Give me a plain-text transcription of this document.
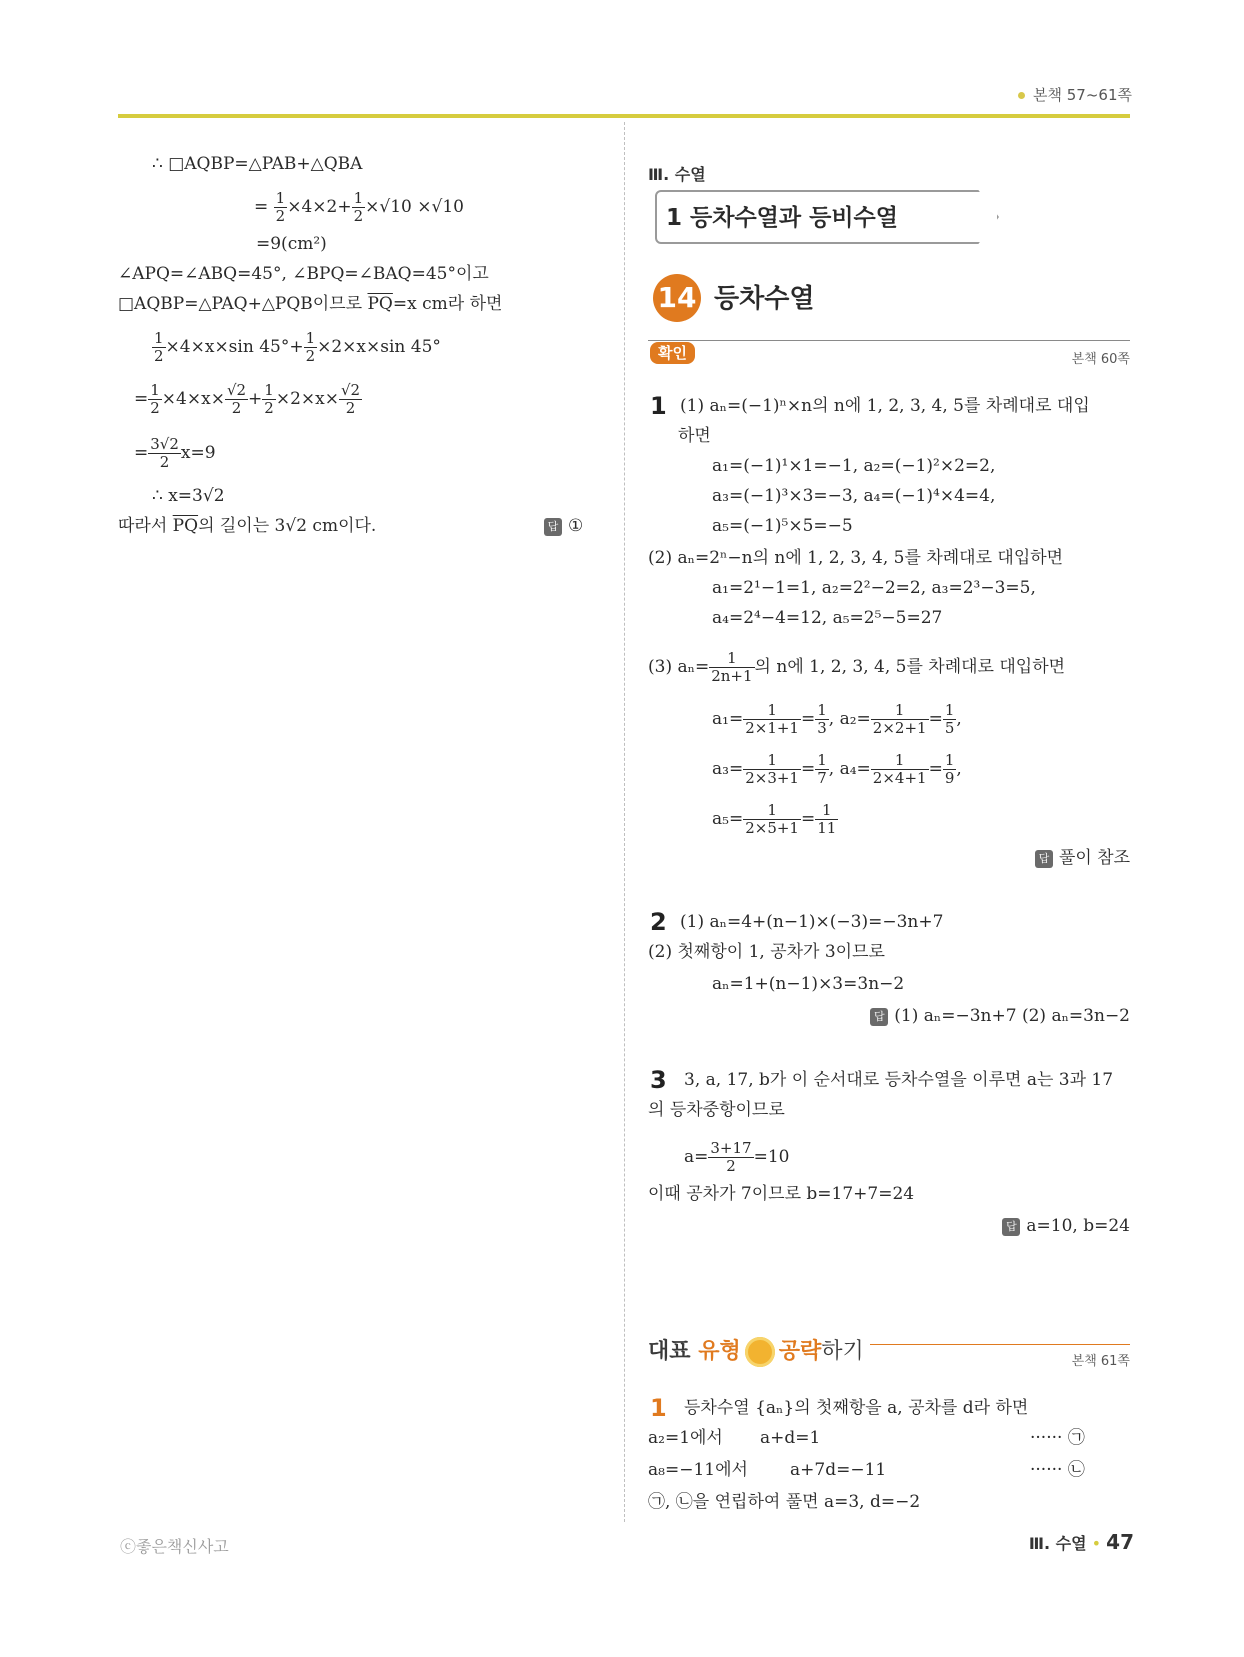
본책 57~61쪽
∴ □AQBP=△PAB+△QBA
= $\frac{1}{2} \times 4\times 2+ \frac{1}{2} \times√10 \times√10$
=9(cm²)
∠APQ=∠ABQ=45°, ∠BPQ=∠BAQ=45°이고
□AQBP=△PAQ+△PQB이므로 $\overline{PQ}=x$ cm라 하면
$\frac{1}{2} \times 4\times x\times\sin$ $45^\circ+ \frac{1}{2} \times 2\times x\times\sin$ 45°
= $\frac{1}{2} \times 4\times x\times \frac{√2}{2} + \frac{1}{2} \times 2\times x\times \frac{√2}{2}$
= $\frac{3√2}{2} x=9$
∴ x=3√2
따라서 $\overline{PQ}$의 길이는 3√2 cm이다.	답 ①
Ⅲ. 수열
1 등차수열과 등비수열
14 등차수열
확인	본책 60쪽
1 (1) aₙ=(−1)ⁿ×n의 n에 1, 2, 3, 4, 5를 차례대로 대입
하면
a₁=(−1)¹×1=−1, a₂=(−1)²×2=2,
a₃=(−1)³×3=−3, a₄=(−1)⁴×4=4,
a₅=(−1)⁵×5=−5
(2) aₙ=2ⁿ−n의 n에 1, 2, 3, 4, 5를 차례대로 대입하면
a₁=2¹−1=1, a₂=2²−2=2, a₃=2³−3=5,
a₄=2⁴−4=12, a₅=2⁵−5=27
(3) $a_n= \frac{1}{2n+1}$ 의 n에 1, 2, 3, 4, 5를 차례대로 대입하면
$a_1= \frac{1}{2\times 1+1} = \frac{1}{3}$ , $a_2= \frac{1}{2\times 2+1} = \frac{1}{5}$ ,
$a_3= \frac{1}{2\times 3+1} = \frac{1}{7}$ , $a_4= \frac{1}{2\times 4+1} = \frac{1}{9}$ ,
$a_5= \frac{1}{2\times 5+1} = \frac{1}{11}$
답 풀이 참조
2 (1) aₙ=4+(n−1)×(−3)=−3n+7
(2) 첫째항이 1, 공차가 3이므로
aₙ=1+(n−1)×3=3n−2
답 (1) aₙ=−3n+7 (2) aₙ=3n−2
3 3, a, 17, b가 이 순서대로 등차수열을 이루면 a는 3과 17
의 등차중항이므로
$a= \frac{3+17}{2} =10$
이때 공차가 7이므로 b=17+7=24
답 a=10, b=24
대표 유형 공략하기	본책 61쪽
1 등차수열 {aₙ}의 첫째항을 a, 공차를 d라 하면
a₂=1에서 a+d=1	······ ㉠
a₈=−11에서 a+7d=−11	······ ㉡
㉠, ㉡을 연립하여 풀면 a=3, d=−2
ⓒ좋은책신사고	Ⅲ. 수열 • 47
